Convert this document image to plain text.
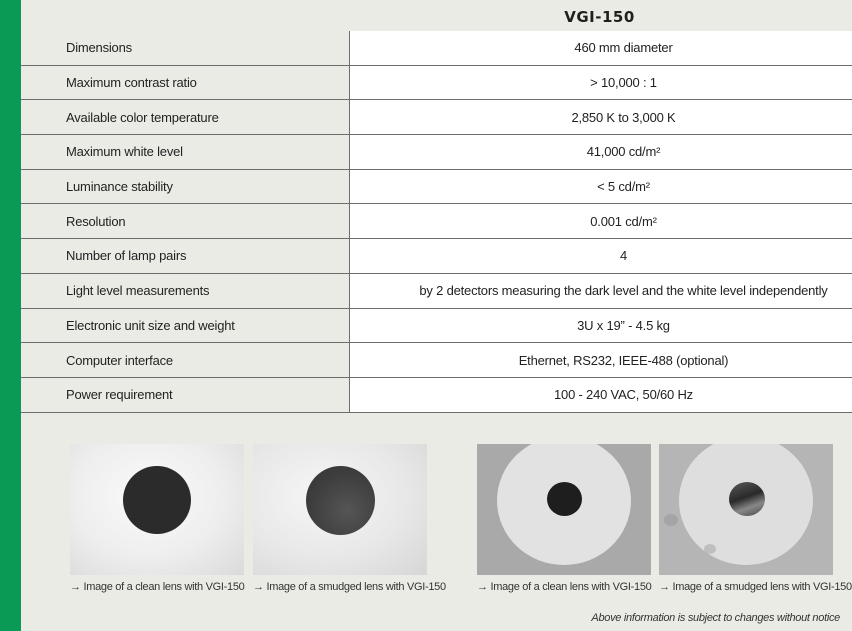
VGI-150
Dimensions	460 mm diameter
Maximum contrast ratio	> 10,000 : 1
Available color temperature	2,850 K to 3,000 K
Maximum white level	41,000 cd/m²
Luminance stability	< 5 cd/m²
Resolution	0.001 cd/m²
Number of lamp pairs	4
Light level measurements	by 2 detectors measuring the dark level and the white level independently
Electronic unit size and weight	3U x 19” - 4.5 kg
Computer interface	Ethernet, RS232, IEEE-488 (optional)
Power requirement	100 - 240 VAC, 50/60 Hz
→ Image of a clean lens with VGI-150 → Image of a smudged lens with VGI-150	→ Image of a clean lens with VGI-150 → Image of a smudged lens with VGI-150
Above information is subject to changes without notice
